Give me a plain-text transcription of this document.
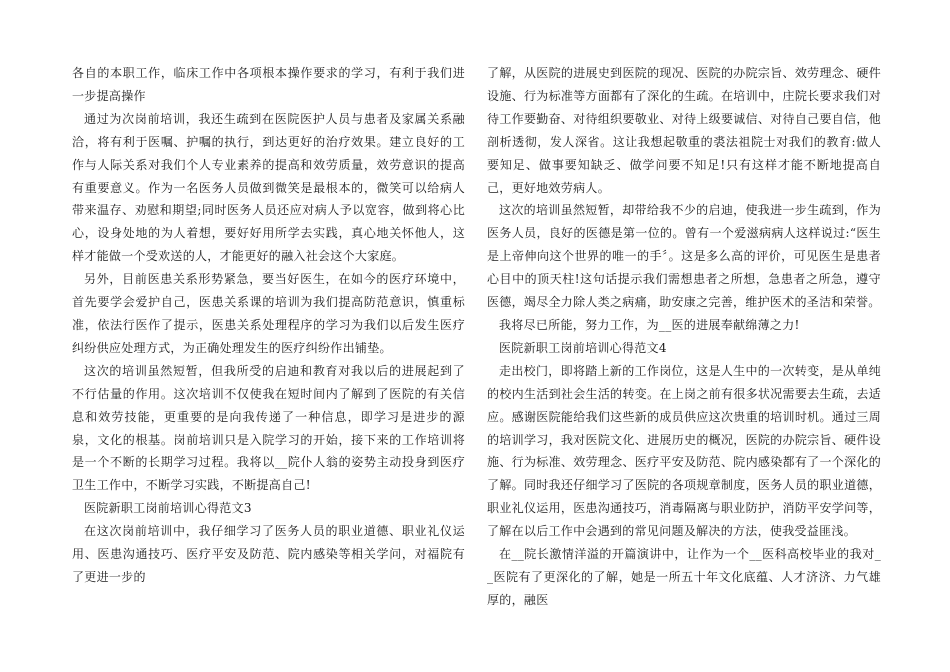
各自的本职工作，临床工作中各项根本操作要求的学习，有利于我们进一步提高操作

通过为次岗前培训，我还生疏到在医院医护人员与患者及家属关系融洽，将有利于医嘱、护嘱的执行，到达更好的治疗效果。建立良好的工作与人际关系对我们个人专业素养的提高和效劳质量，效劳意识的提高有重要意义。作为一名医务人员做到微笑是最根本的，微笑可以给病人带来温存、劝慰和期望;同时医务人员还应对病人予以宽容，做到将心比心，设身处地的为人着想，要好好用所学去实践，真心地关怀他人，这样才能做一个受欢送的人，才能更好的融入社会这个大家庭。

另外，目前医患关系形势紧急，要当好医生，在如今的医疗环境中，首先要学会爱护自己，医患关系课的培训为我们提高防范意识，慎重标准，依法行医作了提示，医患关系处理程序的学习为我们以后发生医疗纠纷供应处理方式，为正确处理发生的医疗纠纷作出铺垫。

这次的培训虽然短暂，但我所受的启迪和教育对我以后的进展起到了不行估量的作用。这次培训不仅使我在短时间内了解到了医院的有关信息和效劳技能，更重要的是向我传递了一种信息，即学习是进步的源泉，文化的根基。岗前培训只是入院学习的开始，接下来的工作培训将是一个不断的长期学习过程。我将以__院仆人翁的姿势主动投身到医疗卫生工作中，不断学习实践，不断提高自己!

医院新职工岗前培训心得范文3

在这次岗前培训中，我仔细学习了医务人员的职业道德、职业礼仪运用、医患沟通技巧、医疗平安及防范、院内感染等相关学问，对福院有了更进一步的

了解，从医院的进展史到医院的现况、医院的办院宗旨、效劳理念、硬件设施、行为标准等方面都有了深化的生疏。在培训中，庄院长要求我们对待工作要勤奋、对待组织要敬业、对待上级要诚信、对待自己要自信，他剖析透彻，发人深省。这让我想起敬重的裘法祖院士对我们的教育:做人要知足、做事要知缺乏、做学问要不知足!只有这样才能不断地提高自己，更好地效劳病人。

这次的培训虽然短暂，却带给我不少的启迪，使我进一步生疏到，作为医务人员，良好的医德是第一位的。曾有一个爱滋病病人这样说过:“医生是上帝伸向这个世界的唯一的手〞。这是多么高的评价，可见医生是患者心目中的顶天柱!这句话提示我们需想患者之所想，急患者之所急，遵守医德，竭尽全力除人类之病痛，助安康之完善，维护医术的圣洁和荣誉。

我将尽已所能，努力工作，为__医的进展奉献绵薄之力!

医院新职工岗前培训心得范文4

走出校门，即将踏上新的工作岗位，这是人生中的一次转变，是从单纯的校内生活到社会生活的转变。在上岗之前有很多状况需要去生疏，去适应。感谢医院能给我们这些新的成员供应这次贵重的培训时机。通过三周的培训学习，我对医院文化、进展历史的概况，医院的办院宗旨、硬件设施、行为标准、效劳理念、医疗平安及防范、院内感染都有了一个深化的了解。同时我还仔细学习了医院的各项规章制度，医务人员的职业道德，职业礼仪运用，医患沟通技巧，消毒隔离与职业防护，消防平安学问等，了解在以后工作中会遇到的常见问题及解决的方法，使我受益匪浅。

在__院长激情洋溢的开篇演讲中，让作为一个__医科高校毕业的我对__医院有了更深化的了解，她是一所五十年文化底蕴、人才济济、力气雄厚的，融医
